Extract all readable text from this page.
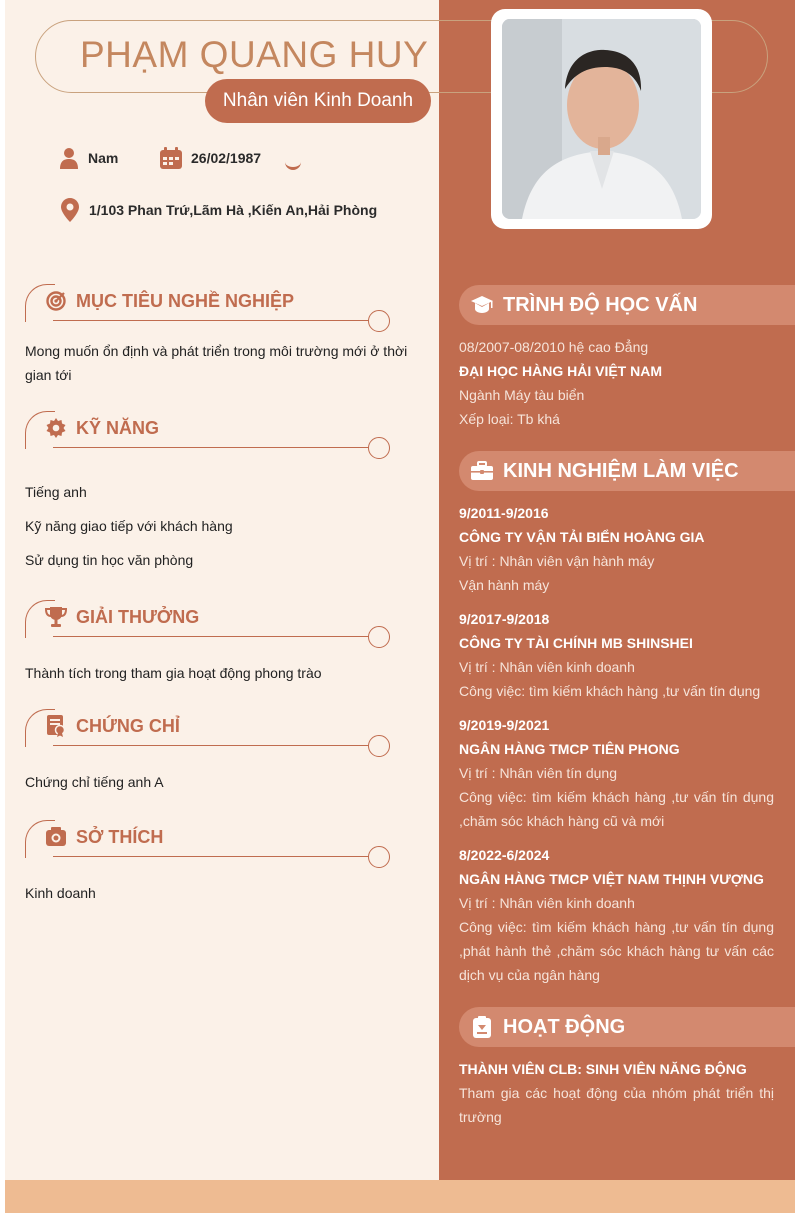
PHẠM QUANG HUY
Nhân viên Kinh Doanh
Nam	26/02/1987
1/103 Phan Trứ,Lãm Hà ,Kiến An,Hải Phòng
MỤC TIÊU NGHỀ NGHIỆP
Mong muốn ổn định và phát triển trong môi trường mới ở thời gian tới
KỸ NĂNG
Tiếng anh
Kỹ năng giao tiếp với khách hàng
Sử dụng tin học văn phòng
GIẢI THƯỞNG
Thành tích trong tham gia hoạt động phong trào
CHỨNG CHỈ
Chứng chỉ tiếng anh A
SỞ THÍCH
Kinh doanh
TRÌNH ĐỘ HỌC VẤN
08/2007-08/2010 hệ cao Đẳng
ĐẠI HỌC HÀNG HẢI VIỆT NAM
Ngành Máy tàu biển
Xếp loại: Tb khá
KINH NGHIỆM LÀM VIỆC
9/2011-9/2016
CÔNG TY VẬN TẢI BIỂN HOÀNG GIA
Vị trí : Nhân viên vận hành máy
Vận hành máy
9/2017-9/2018
CÔNG TY TÀI CHÍNH MB SHINSHEI
Vị trí : Nhân viên kinh doanh
Công việc: tìm kiếm khách hàng ,tư vấn tín dụng
9/2019-9/2021
NGÂN HÀNG TMCP TIÊN PHONG
Vị trí : Nhân viên tín dụng
Công việc: tìm kiếm khách hàng ,tư vấn tín dụng ,chăm sóc khách hàng cũ và mới
8/2022-6/2024
NGÂN HÀNG TMCP VIỆT NAM THỊNH VƯỢNG
Vị trí : Nhân viên kinh doanh
Công việc: tìm kiếm khách hàng ,tư vấn tín dụng ,phát hành thẻ ,chăm sóc khách hàng tư vấn các dịch vụ của ngân hàng
HOẠT ĐỘNG
THÀNH VIÊN CLB: SINH VIÊN NĂNG ĐỘNG
Tham gia các hoạt động của nhóm phát triển thị trường
